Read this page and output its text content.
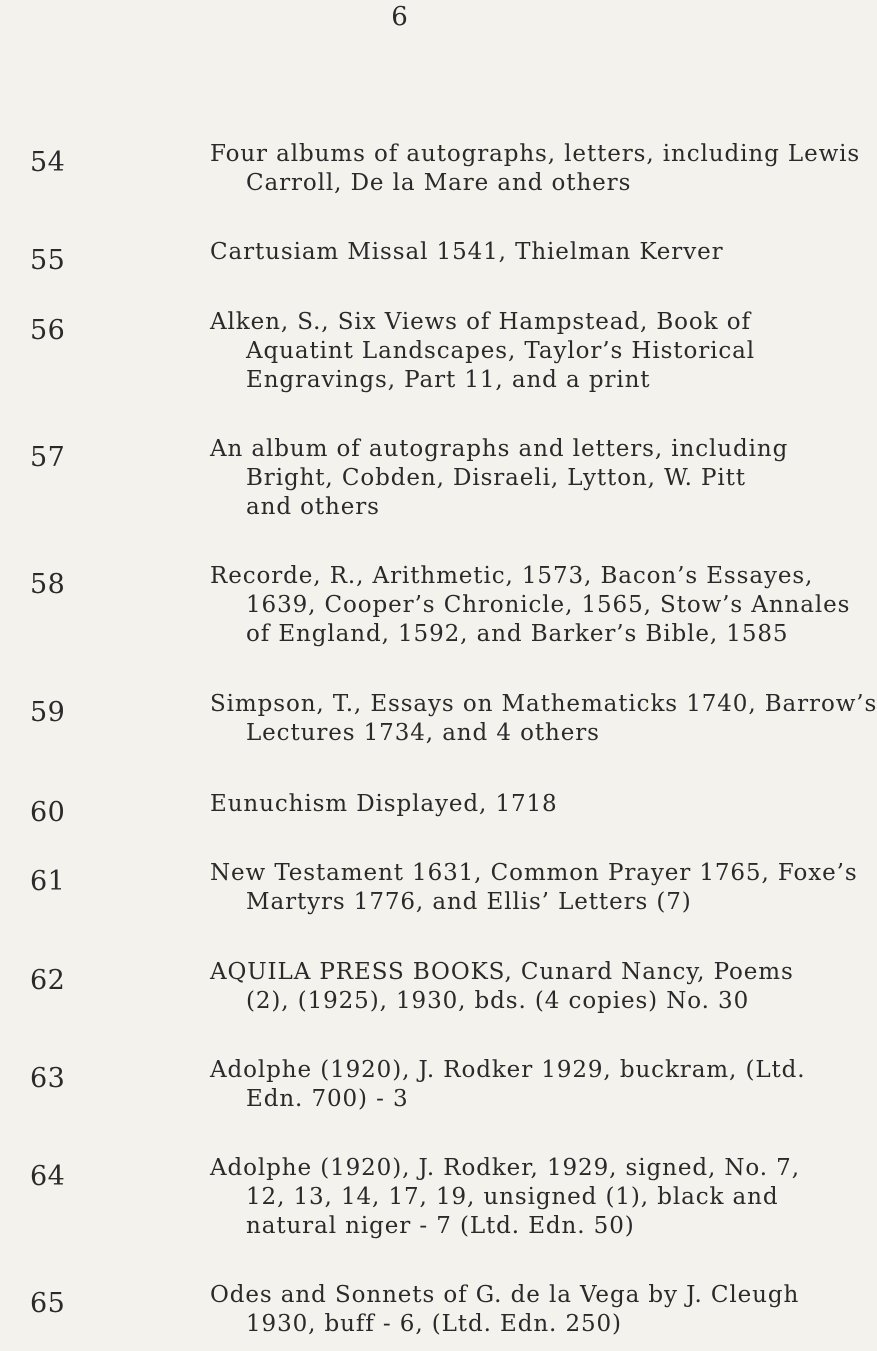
6
54	Four albums of autographs, letters, including Lewis
Carroll, De la Mare and others
55	Cartusiam Missal 1541, Thielman Kerver
56	Alken, S., Six Views of Hampstead, Book of
Aquatint Landscapes, Taylor’s Historical
Engravings, Part 11, and a print
57	An album of autographs and letters, including
Bright, Cobden, Disraeli, Lytton, W. Pitt
and others
58	Recorde, R., Arithmetic, 1573, Bacon’s Essayes,
1639, Cooper’s Chronicle, 1565, Stow’s Annales
of England, 1592, and Barker’s Bible, 1585
59	Simpson, T., Essays on Mathematicks 1740, Barrow’s
Lectures 1734, and 4 others
60	Eunuchism Displayed, 1718
61	New Testament 1631, Common Prayer 1765, Foxe’s
Martyrs 1776, and Ellis’ Letters (7)
62	AQUILA PRESS BOOKS, Cunard Nancy, Poems
(2), (1925), 1930, bds. (4 copies) No. 30
63	Adolphe (1920), J. Rodker 1929, buckram, (Ltd.
Edn. 700) - 3
64	Adolphe (1920), J. Rodker, 1929, signed, No. 7,
12, 13, 14, 17, 19, unsigned (1), black and
natural niger - 7 (Ltd. Edn. 50)
65	Odes and Sonnets of G. de la Vega by J. Cleugh
1930, buff - 6, (Ltd. Edn. 250)
